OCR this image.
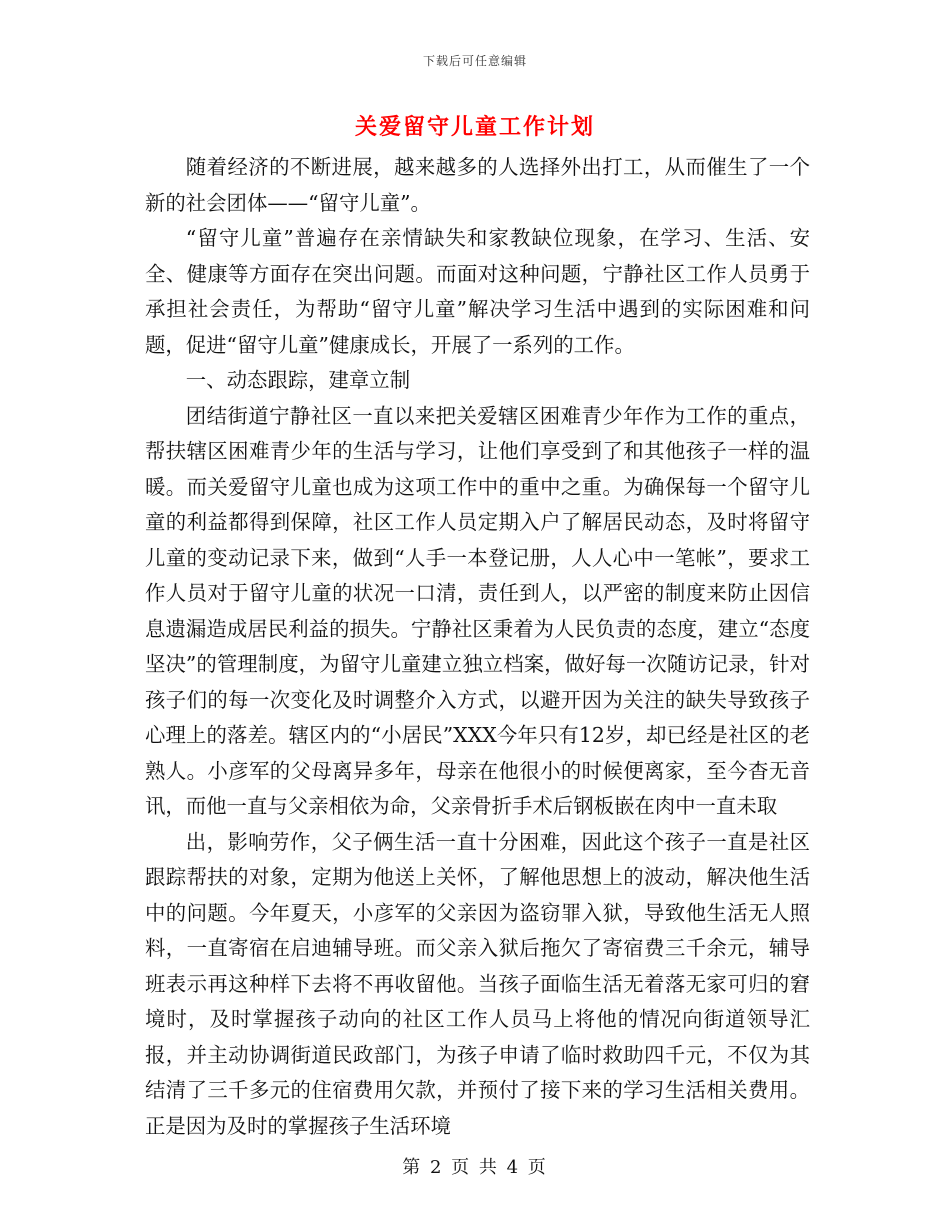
下载后可任意编辑
关爱留守儿童工作计划

随着经济的不断进展，越来越多的人选择外出打工，从而催生了一个新的社会团体——“留守儿童”。

“留守儿童”普遍存在亲情缺失和家教缺位现象，在学习、生活、安全、健康等方面存在突出问题。而面对这种问题，宁静社区工作人员勇于承担社会责任，为帮助“留守儿童”解决学习生活中遇到的实际困难和问题，促进“留守儿童”健康成长，开展了一系列的工作。

一、动态跟踪，建章立制

团结街道宁静社区一直以来把关爱辖区困难青少年作为工作的重点，帮扶辖区困难青少年的生活与学习，让他们享受到了和其他孩子一样的温暖。而关爱留守儿童也成为这项工作中的重中之重。为确保每一个留守儿童的利益都得到保障，社区工作人员定期入户了解居民动态，及时将留守儿童的变动记录下来，做到“人手一本登记册，人人心中一笔帐”，要求工作人员对于留守儿童的状况一口清，责任到人，以严密的制度来防止因信息遗漏造成居民利益的损失。宁静社区秉着为人民负责的态度，建立“态度坚决”的管理制度，为留守儿童建立独立档案，做好每一次随访记录，针对孩子们的每一次变化及时调整介入方式，以避开因为关注的缺失导致孩子心理上的落差。辖区内的“小居民”XXX今年只有12岁，却已经是社区的老熟人。小彦军的父母离异多年，母亲在他很小的时候便离家，至今杳无音讯，而他一直与父亲相依为命，父亲骨折手术后钢板嵌在肉中一直未取

出，影响劳作，父子俩生活一直十分困难，因此这个孩子一直是社区跟踪帮扶的对象，定期为他送上关怀，了解他思想上的波动，解决他生活中的问题。今年夏天，小彦军的父亲因为盗窃罪入狱，导致他生活无人照料，一直寄宿在启迪辅导班。而父亲入狱后拖欠了寄宿费三千余元，辅导班表示再这种样下去将不再收留他。当孩子面临生活无着落无家可归的窘境时，及时掌握孩子动向的社区工作人员马上将他的情况向街道领导汇报，并主动协调街道民政部门，为孩子申请了临时救助四千元，不仅为其结清了三千多元的住宿费用欠款，并预付了接下来的学习生活相关费用。正是因为及时的掌握孩子生活环境

第 2 页 共 4 页
